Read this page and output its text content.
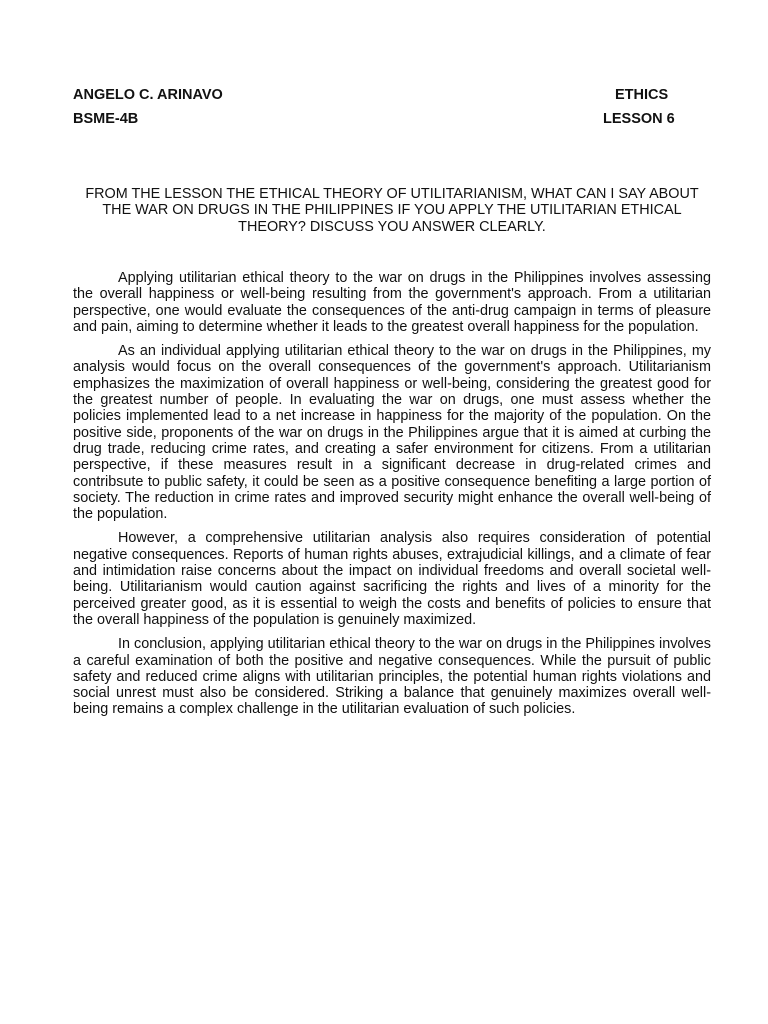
ANGELO C. ARINAVO	ETHICS
BSME-4B	LESSON 6
FROM THE LESSON THE ETHICAL THEORY OF UTILITARIANISM, WHAT CAN I SAY ABOUT THE WAR ON DRUGS IN THE PHILIPPINES IF YOU APPLY THE UTILITARIAN ETHICAL THEORY? DISCUSS YOU ANSWER CLEARLY.

Applying utilitarian ethical theory to the war on drugs in the Philippines involves assessing the overall happiness or well-being resulting from the government's approach. From a utilitarian perspective, one would evaluate the consequences of the anti-drug campaign in terms of pleasure and pain, aiming to determine whether it leads to the greatest overall happiness for the population.

As an individual applying utilitarian ethical theory to the war on drugs in the Philippines, my analysis would focus on the overall consequences of the government's approach. Utilitarianism emphasizes the maximization of overall happiness or well-being, considering the greatest good for the greatest number of people. In evaluating the war on drugs, one must assess whether the policies implemented lead to a net increase in happiness for the majority of the population. On the positive side, proponents of the war on drugs in the Philippines argue that it is aimed at curbing the drug trade, reducing crime rates, and creating a safer environment for citizens. From a utilitarian perspective, if these measures result in a significant decrease in drug-related crimes and contribsute to public safety, it could be seen as a positive consequence benefiting a large portion of society. The reduction in crime rates and improved security might enhance the overall well-being of the population.

However, a comprehensive utilitarian analysis also requires consideration of potential negative consequences. Reports of human rights abuses, extrajudicial killings, and a climate of fear and intimidation raise concerns about the impact on individual freedoms and overall societal well-being. Utilitarianism would caution against sacrificing the rights and lives of a minority for the perceived greater good, as it is essential to weigh the costs and benefits of policies to ensure that the overall happiness of the population is genuinely maximized.

In conclusion, applying utilitarian ethical theory to the war on drugs in the Philippines involves a careful examination of both the positive and negative consequences. While the pursuit of public safety and reduced crime aligns with utilitarian principles, the potential human rights violations and social unrest must also be considered. Striking a balance that genuinely maximizes overall well-being remains a complex challenge in the utilitarian evaluation of such policies.
